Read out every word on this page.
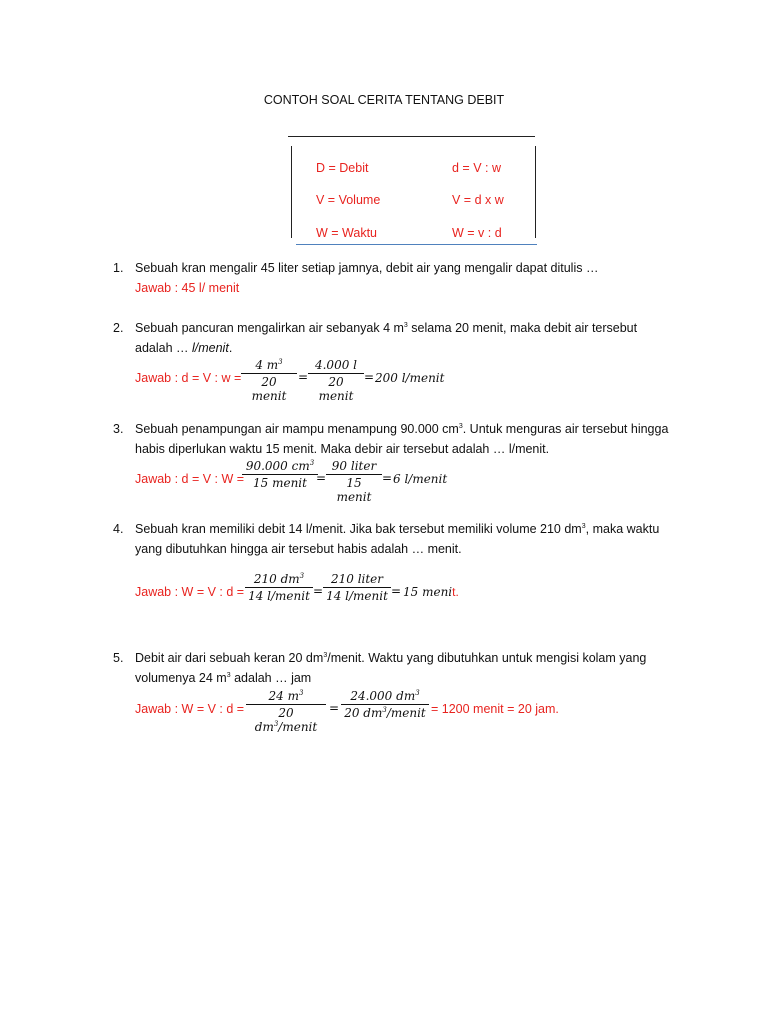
CONTOH SOAL CERITA TENTANG DEBIT
D = Debit	d = V : w
V = Volume	V = d x w
W = Waktu	W = v : d
1. Sebuah kran mengalir 45 liter setiap jamnya, debit air yang mengalir dapat ditulis …
Jawab : 45 l/ menit
2. Sebuah pancuran mengalirkan air sebanyak 4 $m^3$ selama 20 menit, maka debit air tersebut
adalah … l/menit.
Jawab : d = V : w =
4 $m^3$
20 menit
=
4.000 l
20 menit
= 200 l/menit
3. Sebuah penampungan air mampu menampung 90.000 $cm^3$. Untuk menguras air tersebut hingga
habis diperlukan waktu 15 menit. Maka debir air tersebut adalah … l/menit.
Jawab : d = V : W =
90.000 $cm^3$
15 menit =
90 liter
15 menit
= 6 l/menit
4. Sebuah kran memiliki debit 14 l/menit. Jika bak tersebut memiliki volume 210 $dm^3$, maka waktu
yang dibutuhkan hingga air tersebut habis adalah … menit.
Jawab : W = V : d =
210 $dm^3$
14 l/menit =
210 liter
14 l/menit = 15 menit.
5. Debit air dari sebuah keran 20 $dm^3$/menit. Waktu yang dibutuhkan untuk mengisi kolam yang
volumenya 24 $m^3$ adalah … jam
Jawab : W = V : d =
24 $m^3$
20 $dm^3$/menit
=
24.000 $dm^3$
20 $dm^3$/menit = 1200 menit = 20 jam.
